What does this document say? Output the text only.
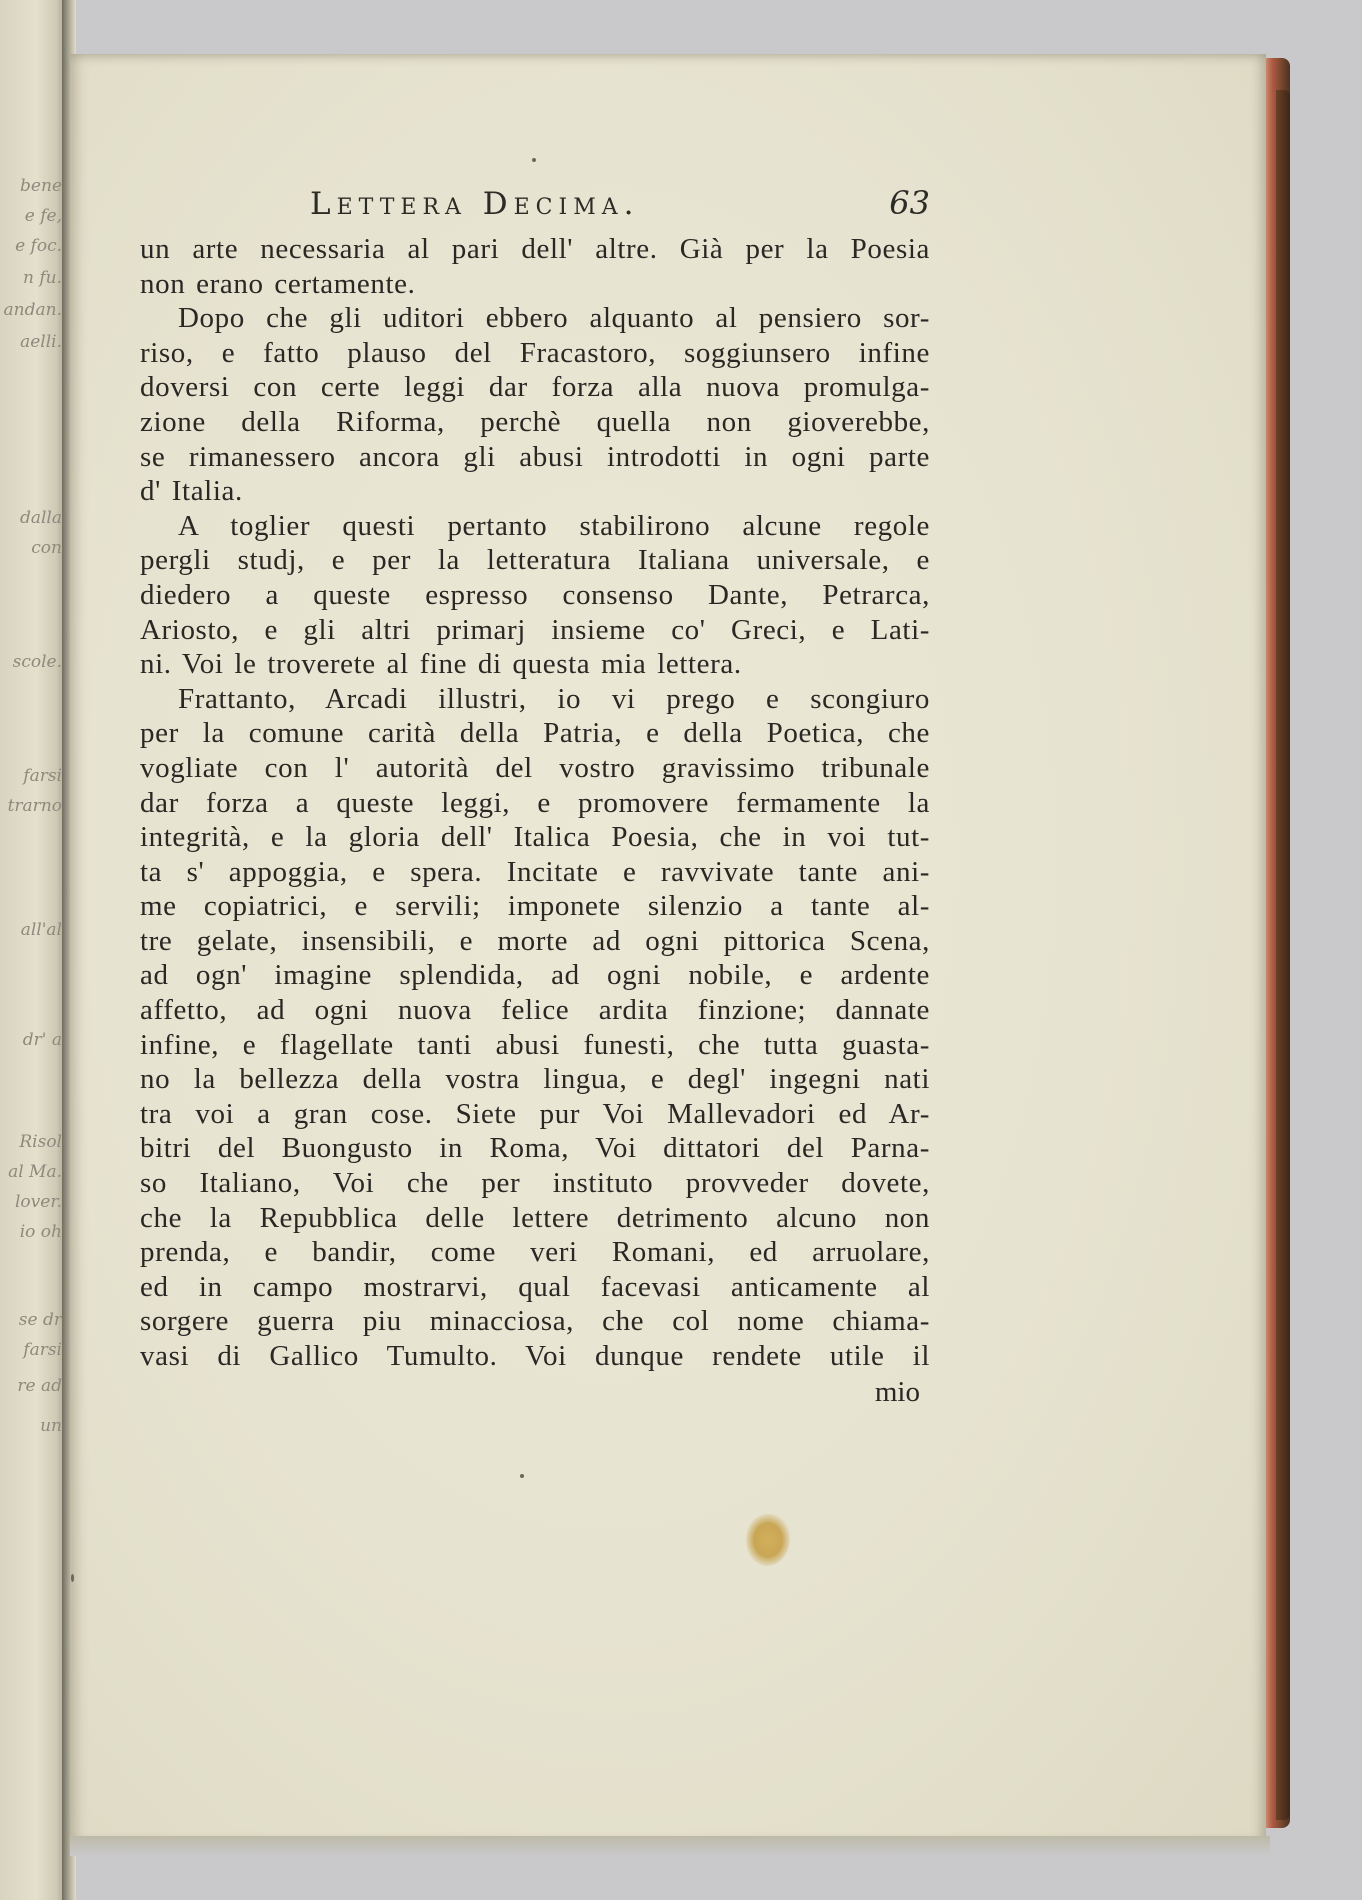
bene
e fe,
e foc.
n fu.
andan.
aelli.
dalla
con
scole.
farsi
trarno
all'al
dr' a
Risol
al Ma.
lover.
io oh
se dr
farsi
re ad
un
Lettera Decima.	63
un arte necessaria al pari dell' altre. Già per la Poesia
non erano certamente.
Dopo che gli uditori ebbero alquanto al pensiero sor-
riso, e fatto plauso del Fracastoro, soggiunsero infine
doversi con certe leggi dar forza alla nuova promulga-
zione della Riforma, perchè quella non gioverebbe,
se rimanessero ancora gli abusi introdotti in ogni parte
d' Italia.
A toglier questi pertanto stabilirono alcune regole
pergli studj, e per la letteratura Italiana universale, e
diedero a queste espresso consenso Dante, Petrarca,
Ariosto, e gli altri primarj insieme co' Greci, e Lati-
ni. Voi le troverete al fine di questa mia lettera.
Frattanto, Arcadi illustri, io vi prego e scongiuro
per la comune carità della Patria, e della Poetica, che
vogliate con l' autorità del vostro gravissimo tribunale
dar forza a queste leggi, e promovere fermamente la
integrità, e la gloria dell' Italica Poesia, che in voi tut-
ta s' appoggia, e spera. Incitate e ravvivate tante ani-
me copiatrici, e servili; imponete silenzio a tante al-
tre gelate, insensibili, e morte ad ogni pittorica Scena,
ad ogn' imagine splendida, ad ogni nobile, e ardente
affetto, ad ogni nuova felice ardita finzione; dannate
infine, e flagellate tanti abusi funesti, che tutta guasta-
no la bellezza della vostra lingua, e degl' ingegni nati
tra voi a gran cose. Siete pur Voi Mallevadori ed Ar-
bitri del Buongusto in Roma, Voi dittatori del Parna-
so Italiano, Voi che per instituto provveder dovete,
che la Repubblica delle lettere detrimento alcuno non
prenda, e bandir, come veri Romani, ed arruolare,
ed in campo mostrarvi, qual facevasi anticamente al
sorgere guerra piu minacciosa, che col nome chiama-
vasi di Gallico Tumulto. Voi dunque rendete utile il
mio
